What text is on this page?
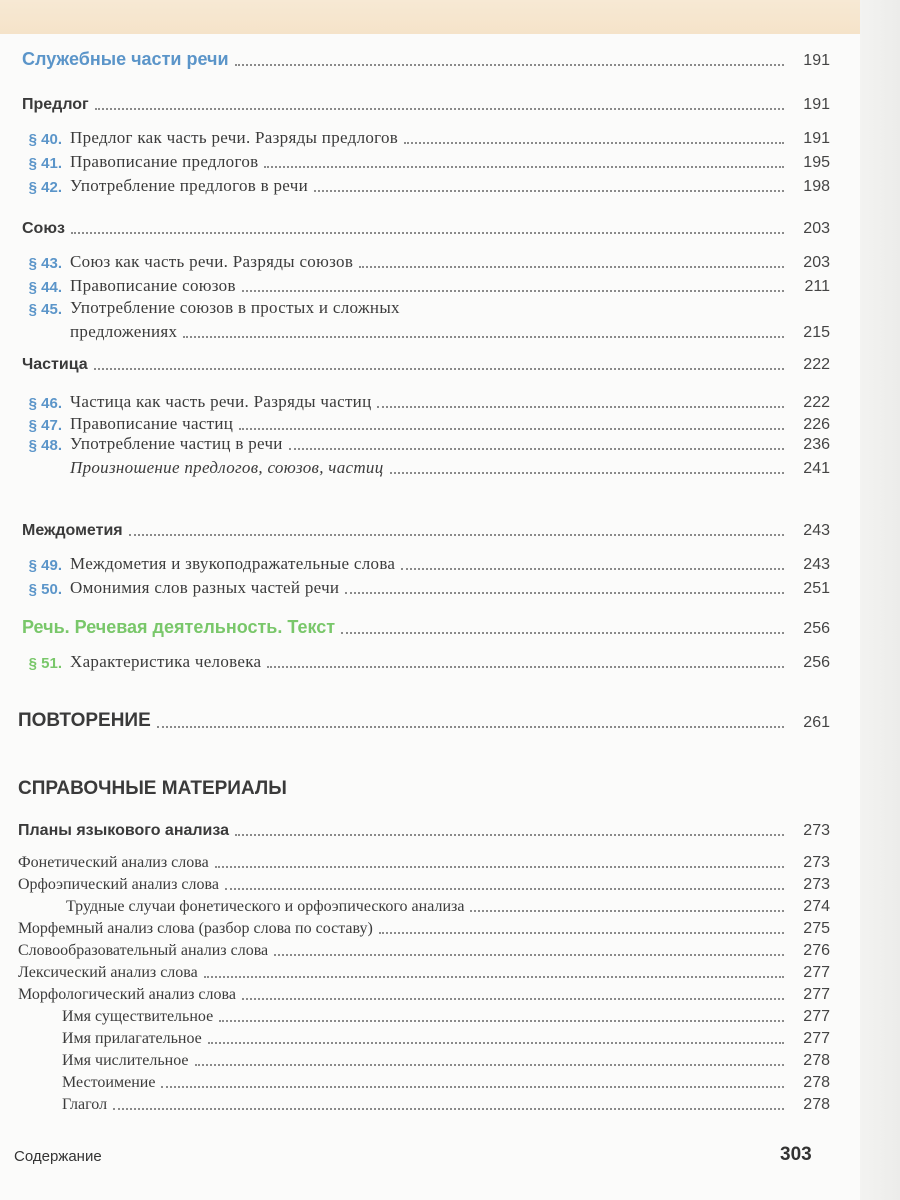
Служебные части речи	191
Предлог	191
§ 40. Предлог как часть речи. Разряды предлогов	191
§ 41. Правописание предлогов	195
§ 42. Употребление предлогов в речи	198
Союз	203
§ 43. Союз как часть речи. Разряды союзов	203
§ 44. Правописание союзов	211
§ 45. Употребление союзов в простых и сложных
предложениях	215
Частица	222
§ 46. Частица как часть речи. Разряды частиц	222
§ 47. Правописание частиц	226
§ 48. Употребление частиц в речи	236
Произношение предлогов, союзов, частиц	241
Междометия	243
§ 49. Междометия и звукоподражательные слова	243
§ 50. Омонимия слов разных частей речи	251
Речь. Речевая деятельность. Текст	256
§ 51. Характеристика человека	256
ПОВТОРЕНИЕ	261
СПРАВОЧНЫЕ МАТЕРИАЛЫ
Планы языкового анализа	273
Фонетический анализ слова	273
Орфоэпический анализ слова	273
Трудные случаи фонетического и орфоэпического анализа	274
Морфемный анализ слова (разбор слова по составу)	275
Словообразовательный анализ слова	276
Лексический анализ слова	277
Морфологический анализ слова	277
Имя существительное	277
Имя прилагательное	277
Имя числительное	278
Местоимение	278
Глагол	278
Содержание	303
